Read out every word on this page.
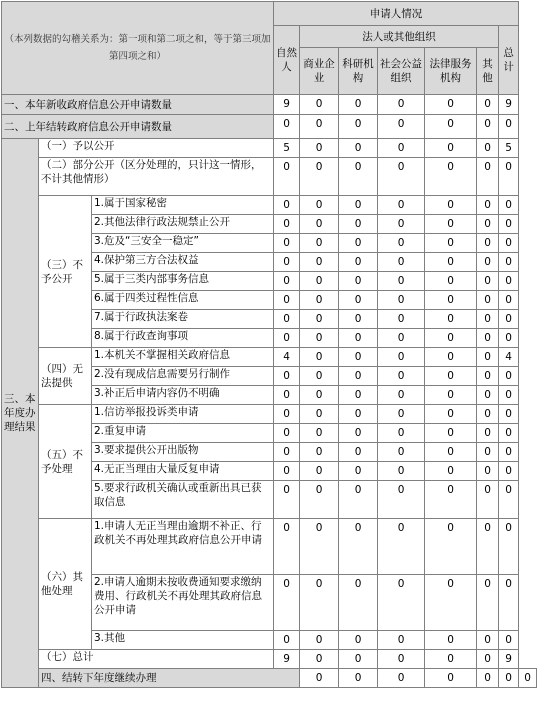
（本列数据的勾稽关系为：第一项和第二项之和，等于第三项加第四项之和）			申请人情况							
			自然人	法人或其他组织					总计	
				商业企业	科研机构	社会公益组织	法律服务机构	其他		
一、本年新收政府信息公开申请数量			9	0	0	0	0	0	9	
二、上年结转政府信息公开申请数量			0	0	0	0	0	0	0	
三、本年度办理结果	（一）予以公开		5	0	0	0	0	0	5	
	（二）部分公开（区分处理的，只计这一情形，不计其他情形）		0	0	0	0	0	0	0	
	（三）不予公开	1.属于国家秘密	0	0	0	0	0	0	0	
		2.其他法律行政法规禁止公开	0	0	0	0	0	0	0	
		3.危及“三安全一稳定”	0	0	0	0	0	0	0	
		4.保护第三方合法权益	0	0	0	0	0	0	0	
		5.属于三类内部事务信息	0	0	0	0	0	0	0	
		6.属于四类过程性信息	0	0	0	0	0	0	0	
		7.属于行政执法案卷	0	0	0	0	0	0	0	
		8.属于行政查询事项	0	0	0	0	0	0	0	
	（四）无法提供	1.本机关不掌握相关政府信息	4	0	0	0	0	0	4	
		2.没有现成信息需要另行制作	0	0	0	0	0	0	0	
		3.补正后申请内容仍不明确	0	0	0	0	0	0	0	
	（五）不予处理	1.信访举报投诉类申请	0	0	0	0	0	0	0	
		2.重复申请	0	0	0	0	0	0	0	
		3.要求提供公开出版物	0	0	0	0	0	0	0	
		4.无正当理由大量反复申请	0	0	0	0	0	0	0	
		5.要求行政机关确认或重新出具已获取信息	0	0	0	0	0	0	0	
	（六）其他处理	1.申请人无正当理由逾期不补正、行政机关不再处理其政府信息公开申请	0	0	0	0	0	0	0	
		2.申请人逾期未按收费通知要求缴纳费用、行政机关不再处理其政府信息公开申请	0	0	0	0	0	0	0	
		3.其他	0	0	0	0	0	0	0	
	（七）总计		9	0	0	0	0	0	9	
	四、结转下年度继续办理			0	0	0	0	0	0	0
